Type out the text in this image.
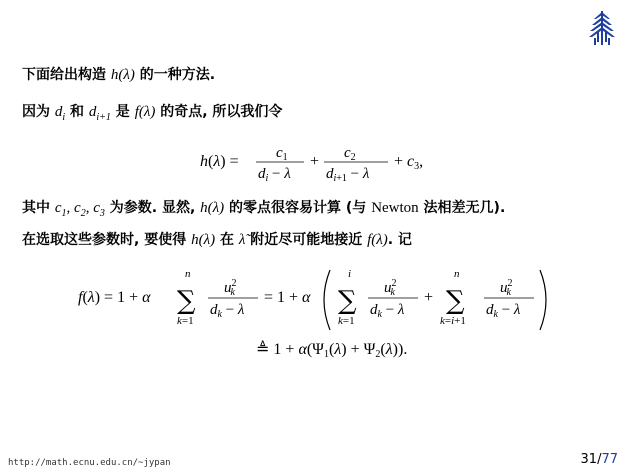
下面给出构造 h(λ) 的一种方法.
因为 $d_i$ 和 $d_{i+1}$ 是 f(λ) 的奇点, 所以我们令
$h(\lambda) = c_1$
$d_i - \lambda$
+ $c_2$
$d_i+1 - \lambda$
+ c3,
其中 $c_1$, $c_2$, $c_3$ 为参数. 显然, h(λ) 的零点很容易计算 (与 Newton 法相差无几).
在选取这些参数时, 要使得 h(λ) 在 λ̃ 附近尽可能地接近 f(λ). 记
f(λ) = 1 + α
n
∑
k=1
$u^2$ k
$d_k - \lambda$
= 1 + α
i
∑
k=1
$u^2$ k
$d_k - \lambda$
+
n
∑
k=i+1
$u^2$ k
$d_k - \lambda$
≜ 1 + α(Ψ1(λ) + Ψ2(λ)).
http://math.ecnu.edu.cn/~jypan	31/77
